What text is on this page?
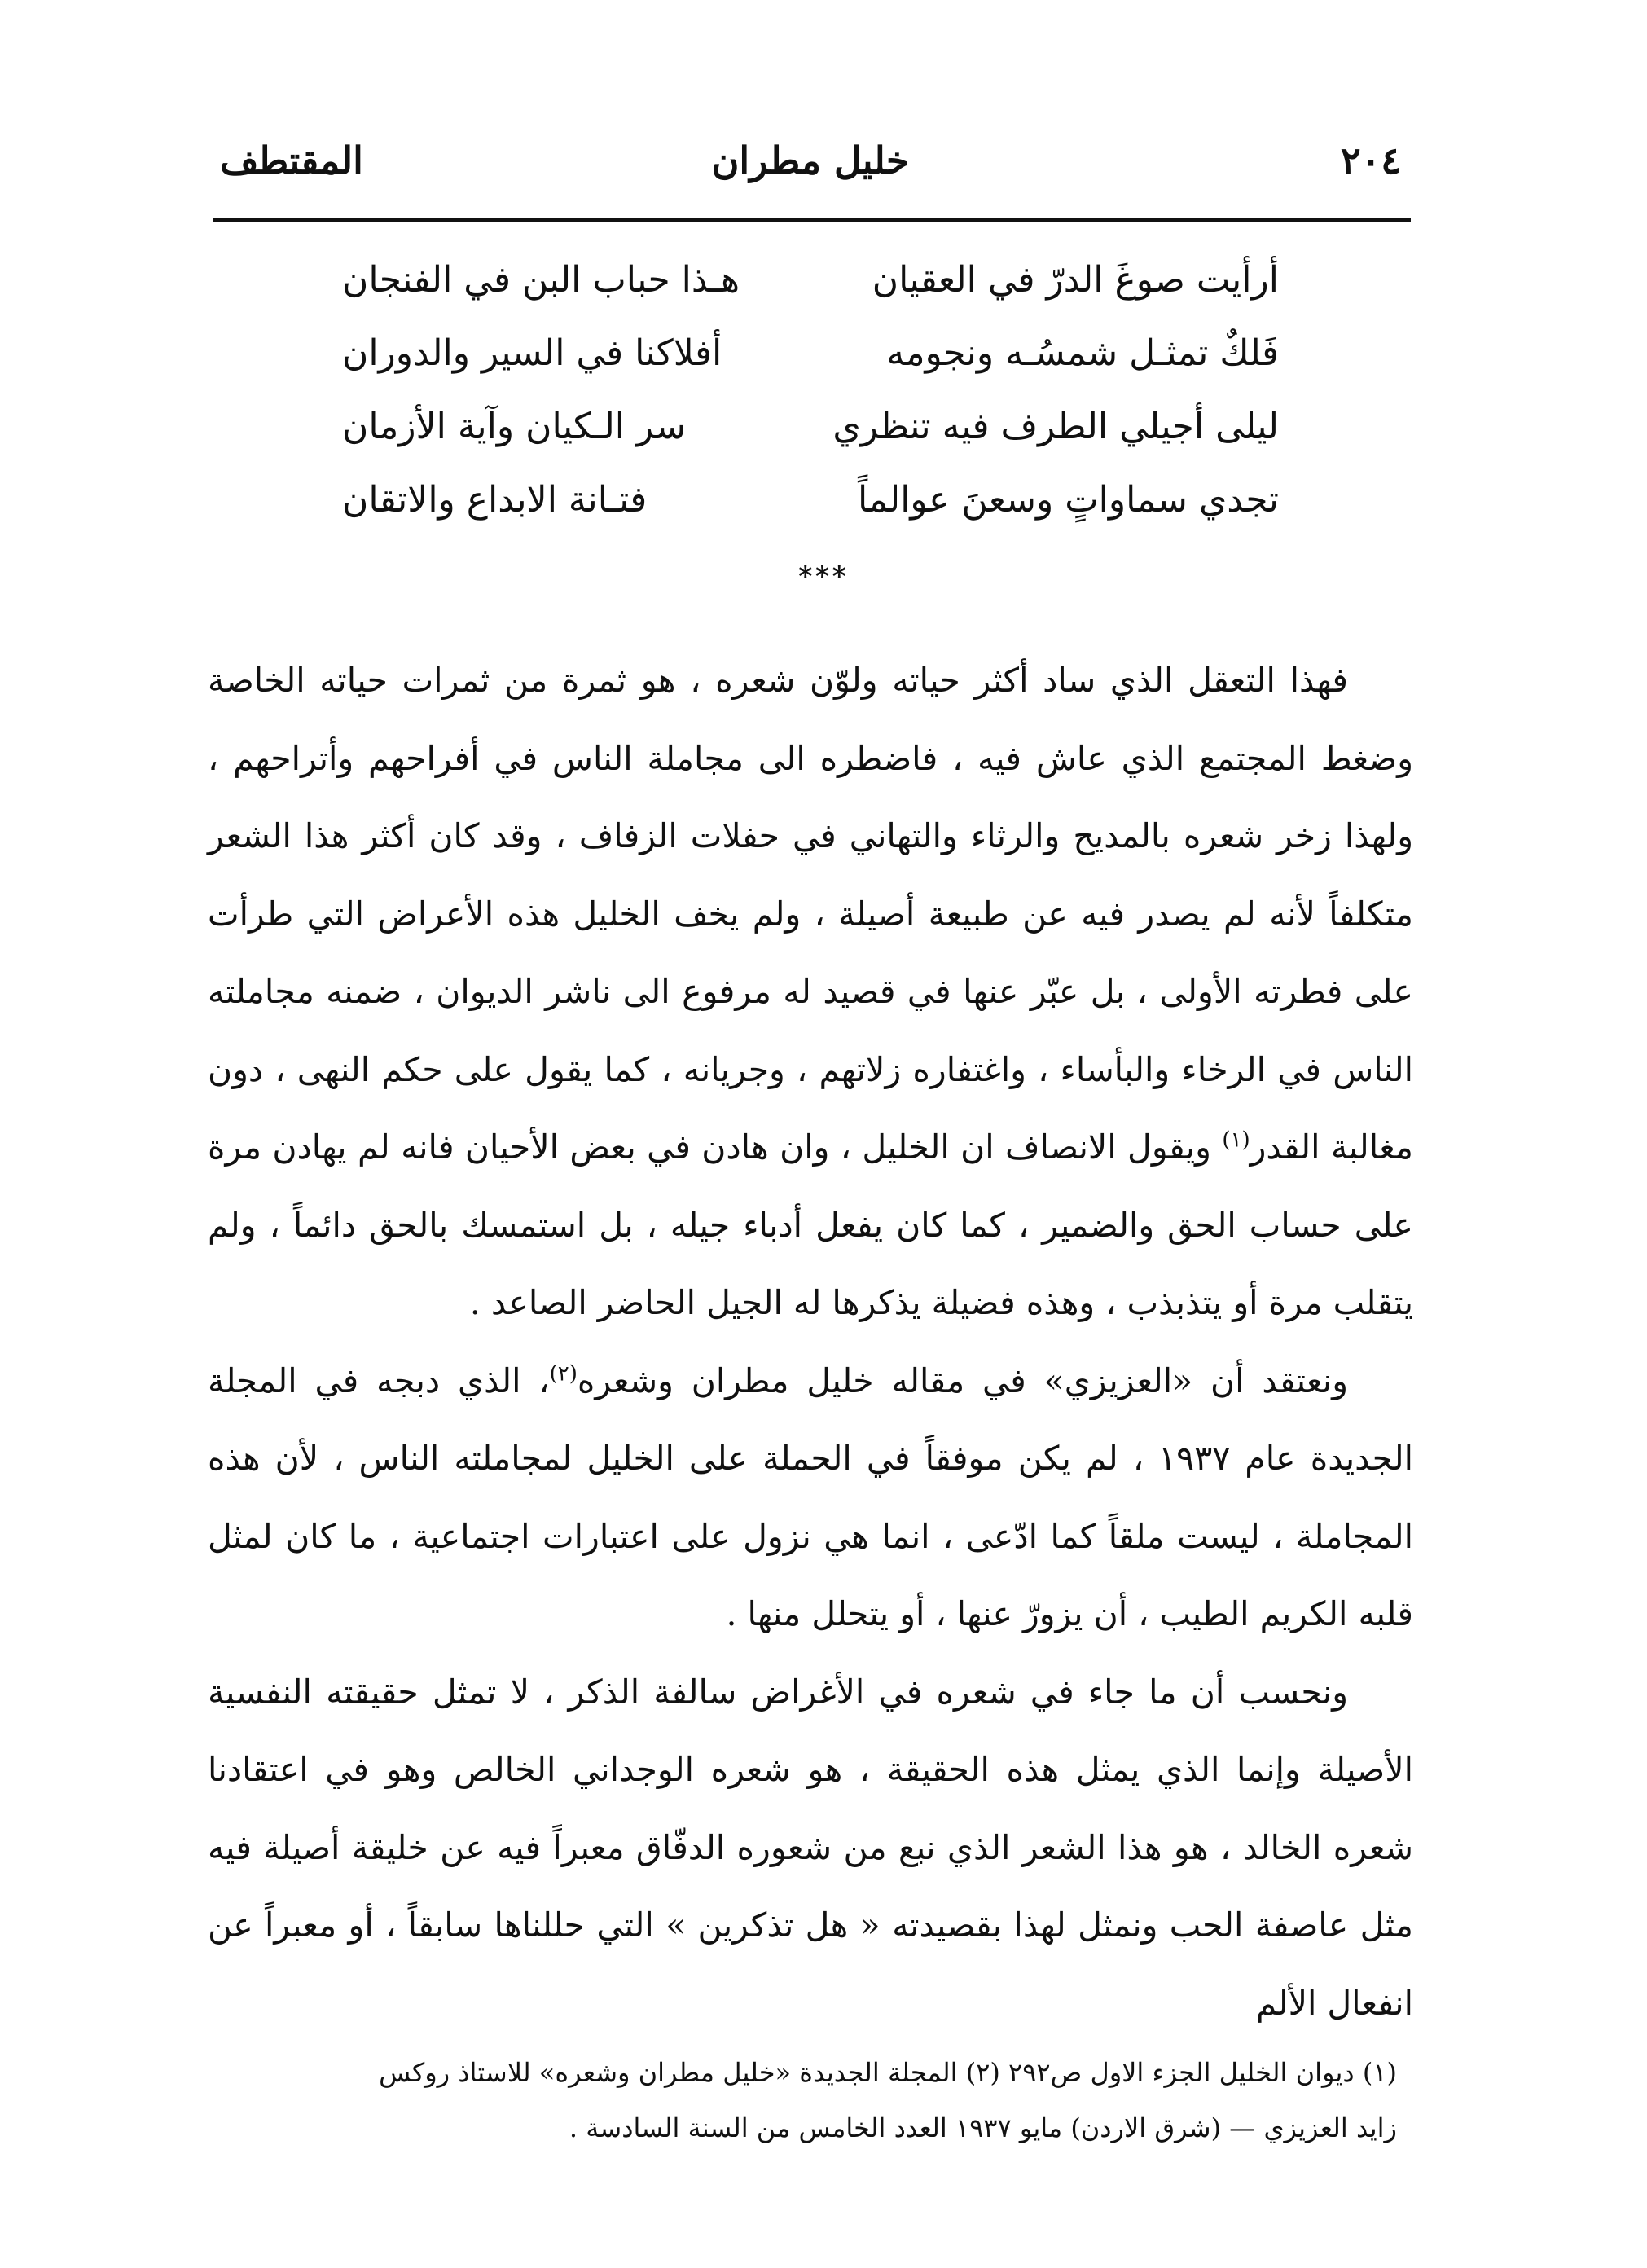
٢٠٤
خليل مطران
المقتطف
أرأيت صوغَ الدرّ في العقيان
هـذا حباب البن في الفنجان
فَلكٌ تمثـل شمسُـه ونجومه
أفلاكنا في السير والدوران
ليلى أجيلي الطرف فيه تنظري
سر الـكيان وآية الأزمان
تجدي سماواتٍ وسعنَ عوالماً
فتـانة الابداع والاتقان
***

فهذا التعقل الذي ساد أكثر حياته ولوّن شعره ، هو ثمرة من ثمرات حياته الخاصة وضغط المجتمع الذي عاش فيه ، فاضطره الى مجاملة الناس في أفراحهم وأتراحهم ، ولهذا زخر شعره بالمديح والرثاء والتهاني في حفلات الزفاف ، وقد كان أكثر هذا الشعر متكلفاً لأنه لم يصدر فيه عن طبيعة أصيلة ، ولم يخف الخليل هذه الأعراض التي طرأت على فطرته الأولى ، بل عبّر عنها في قصيد له مرفوع الى ناشر الديوان ، ضمنه مجاملته الناس في الرخاء والبأساء ، واغتفاره زلاتهم ، وجريانه ، كما يقول على حكم النهى ، دون مغالبة القدر$^{(١)}$ ويقول الانصاف ان الخليل ، وان هادن في بعض الأحيان فانه لم يهادن مرة على حساب الحق والضمير ، كما كان يفعل أدباء جيله ، بل استمسك بالحق دائماً ، ولم يتقلب مرة أو يتذبذب ، وهذه فضيلة يذكرها له الجيل الحاضر الصاعد .

ونعتقد أن «العزيزي» في مقاله خليل مطران وشعره$^{(٢)}$، الذي دبجه في المجلة الجديدة عام ١٩٣٧ ، لم يكن موفقاً في الحملة على الخليل لمجاملته الناس ، لأن هذه المجاملة ، ليست ملقاً كما ادّعى ، انما هي نزول على اعتبارات اجتماعية ، ما كان لمثل قلبه الكريم الطيب ، أن يزورّ عنها ، أو يتحلل منها .

ونحسب أن ما جاء في شعره في الأغراض سالفة الذكر ، لا تمثل حقيقته النفسية الأصيلة وإنما الذي يمثل هذه الحقيقة ، هو شعره الوجداني الخالص وهو في اعتقادنا شعره الخالد ، هو هذا الشعر الذي نبع من شعوره الدفّاق معبراً فيه عن خليقة أصيلة فيه مثل عاصفة الحب ونمثل لهذا بقصيدته « هل تذكرين » التي حللناها سابقاً ، أو معبراً عن انفعال الألم

(١) ديوان الخليل الجزء الاول ص٢٩٢ (٢) المجلة الجديدة «خليل مطران وشعره» للاستاذ روكس

زايد العزيزي — (شرق الاردن) مايو ١٩٣٧ العدد الخامس من السنة السادسة .
